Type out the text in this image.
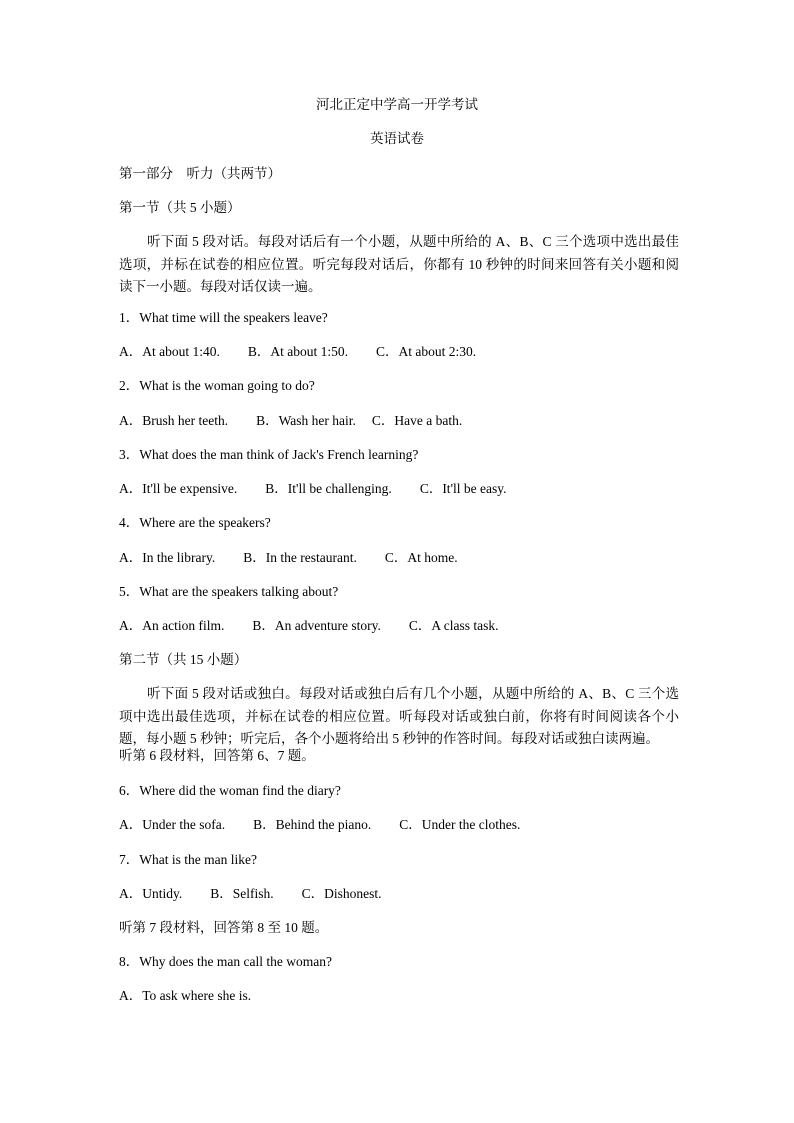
河北正定中学高一开学考试
英语试卷
第一部分　听力（共两节）
第一节（共 5 小题）
听下面 5 段对话。每段对话后有一个小题，从题中所给的 A、B、C 三个选项中选出最佳选项，并标在试卷的相应位置。听完每段对话后，你都有 10 秒钟的时间来回答有关小题和阅读下一小题。每段对话仅读一遍。
1．What time will the speakers leave?
A．At about 1:40. B．At about 1:50. C．At about 2:30.
2．What is the woman going to do?
A．Brush her teeth. B．Wash her hair. C．Have a bath.
3．What does the man think of Jack's French learning?
A．It'll be expensive. B．It'll be challenging. C．It'll be easy.
4．Where are the speakers?
A．In the library. B．In the restaurant. C．At home.
5．What are the speakers talking about?
A．An action film. B．An adventure story. C．A class task.
第二节（共 15 小题）
听下面 5 段对话或独白。每段对话或独白后有几个小题，从题中所给的 A、B、C 三个选项中选出最佳选项，并标在试卷的相应位置。听每段对话或独白前，你将有时间阅读各个小题，每小题 5 秒钟；听完后，各个小题将给出 5 秒钟的作答时间。每段对话或独白读两遍。
听第 6 段材料，回答第 6、7 题。
6．Where did the woman find the diary?
A．Under the sofa. B．Behind the piano. C．Under the clothes.
7．What is the man like?
A．Untidy. B．Selfish. C．Dishonest.
听第 7 段材料，回答第 8 至 10 题。
8．Why does the man call the woman?
A．To ask where she is.
